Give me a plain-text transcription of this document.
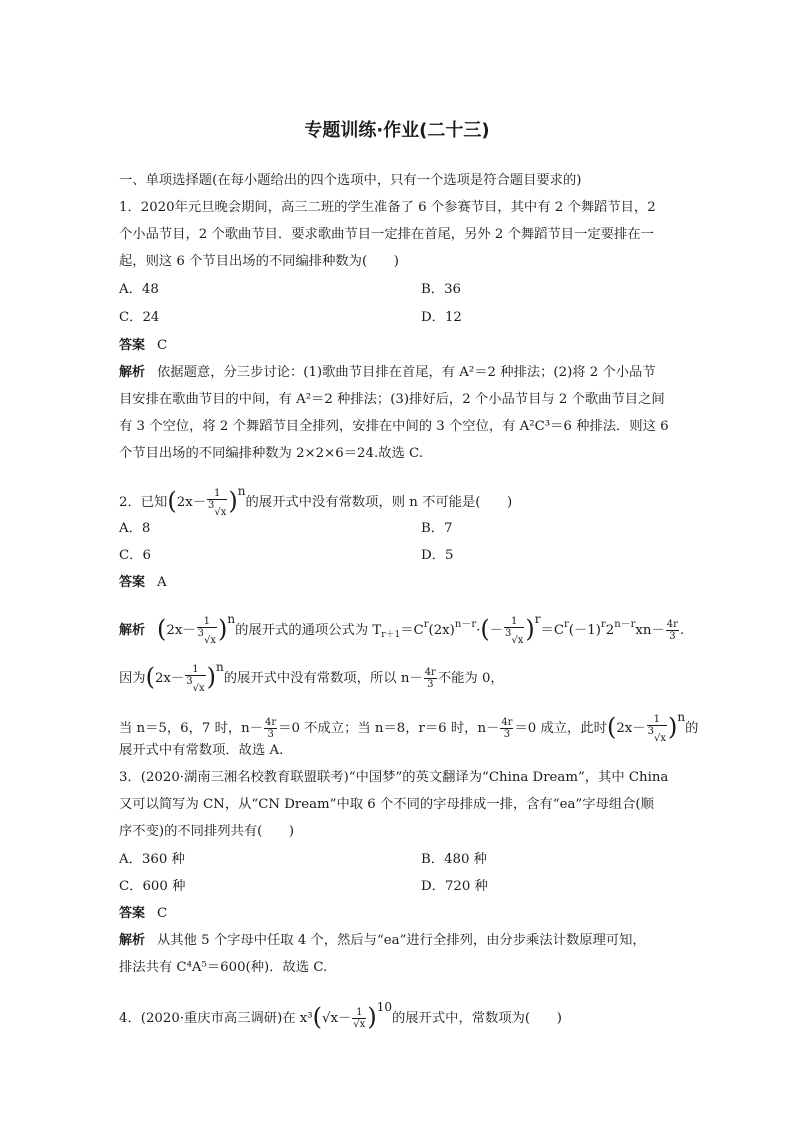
专题训练·作业(二十三)
一、单项选择题(在每小题给出的四个选项中，只有一个选项是符合题目要求的)
1．2020年元旦晚会期间，高三二班的学生准备了 6 个参赛节目，其中有 2 个舞蹈节目，2
个小品节目，2 个歌曲节目．要求歌曲节目一定排在首尾，另外 2 个舞蹈节目一定要排在一
起，则这 6 个节目出场的不同编排种数为(　　)
A．48	B．36
C．24	D．12
答案 C
解析 依据题意，分三步讨论：(1)歌曲节目排在首尾，有 A²＝2 种排法；(2)将 2 个小品节
目安排在歌曲节目的中间，有 A²＝2 种排法；(3)排好后，2 个小品节目与 2 个歌曲节目之间
有 3 个空位，将 2 个舞蹈节目全排列，安排在中间的 3 个空位，有 A²C³＝6 种排法．则这 6
个节目出场的不同编排种数为 2×2×6＝24.故选 C.
2．已知$(2x- \frac{1}{3√x} )n$的展开式中没有常数项，则 n 不可能是(　　)
A．8	B．7
C．6	D．5
答案 A
解析 $(2x- \frac{1}{3√x} )n$的展开式的通项公式为 $T_{r+1}=C^r(2x)^{n-r}\cdot(- \frac{1}{3√x} )r=C^r(-1)^r2^{n-r}xn- \frac{4r}{3}$ .
因为$(2x- \frac{1}{3√x} )n$的展开式中没有常数项，所以 $n- \frac{4r}{3}$ 不能为 0，
当 n＝5，6，7 时，$n- \frac{4r}{3} =0$ 不成立；当 n＝8，r＝6 时，$n- \frac{4r}{3} =0$ 成立，此时$(2x- \frac{1}{3√x} )n$的
展开式中有常数项．故选 A.
3．(2020·湖南三湘名校教育联盟联考)“中国梦”的英文翻译为“China Dream”，其中 China
又可以简写为 CN，从“CN Dream”中取 6 个不同的字母排成一排，含有“ea”字母组合(顺
序不变)的不同排列共有(　　)
A．360 种	B．480 种
C．600 种	D．720 种
答案 C
解析 从其他 5 个字母中任取 4 个，然后与“ea”进行全排列，由分步乘法计数原理可知，
排法共有 C⁴A⁵＝600(种)．故选 C.
4．(2020·重庆市高三调研)在 $x^3(√x- \frac{1}{√x} )10$的展开式中，常数项为(　　)
